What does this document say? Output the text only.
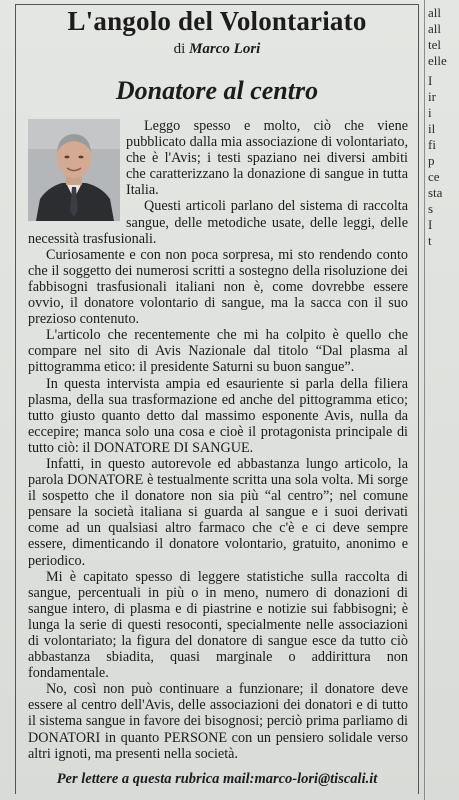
all
all
tel
elle
I
ir
i
il
fi
p
ce
sta
s
I
t
L'angolo del Volontariato
di Marco Lori
Donatore al centro

Leggo spesso e molto, ciò che viene pubblicato dalla mia associazione di volontariato, che è l'Avis; i testi spaziano nei diversi ambiti che caratterizzano la donazione di sangue in tutta Italia.

Questi articoli parlano del sistema di raccolta sangue, delle metodiche usate, delle leggi, delle necessità trasfusionali.

Curiosamente e con non poca sorpresa, mi sto rendendo conto che il soggetto dei numerosi scritti a sostegno della risoluzione dei fabbisogni trasfusionali italiani non è, come dovrebbe essere ovvio, il donatore volontario di sangue, ma la sacca con il suo prezioso contenuto.

L'articolo che recentemente che mi ha colpito è quello che compare nel sito di Avis Nazionale dal titolo “Dal plasma al pittogramma etico: il presidente Saturni su buon sangue”.

In questa intervista ampia ed esauriente si parla della filiera plasma, della sua trasformazione ed anche del pittogramma etico; tutto giusto quanto detto dal massimo esponente Avis, nulla da eccepire; manca solo una cosa e cioè il protagonista principale di tutto ciò: il DONATORE DI SANGUE.

Infatti, in questo autorevole ed abbastanza lungo articolo, la parola DONATORE è testualmente scritta una sola volta. Mi sorge il sospetto che il donatore non sia più “al centro”; nel comune pensare la società italiana si guarda al sangue e i suoi derivati come ad un qualsiasi altro farmaco che c'è e ci deve sempre essere, dimenticando il donatore volontario, gratuito, anonimo e periodico.

Mi è capitato spesso di leggere statistiche sulla raccolta di sangue, percentuali in più o in meno, numero di donazioni di sangue intero, di plasma e di piastrine e notizie sui fabbisogni; è lunga la serie di questi resoconti, specialmente nelle associazioni di volontariato; la figura del donatore di sangue esce da tutto ciò abbastanza sbiadita, quasi marginale o addirittura non fondamentale.

No, così non può continuare a funzionare; il donatore deve essere al centro dell'Avis, delle associazioni dei donatori e di tutto il sistema sangue in favore dei bisognosi; perciò prima parliamo di DONATORI in quanto PERSONE con un pensiero solidale verso altri ignoti, ma presenti nella società.

Per lettere a questa rubrica mail:marco-lori@tiscali.it
